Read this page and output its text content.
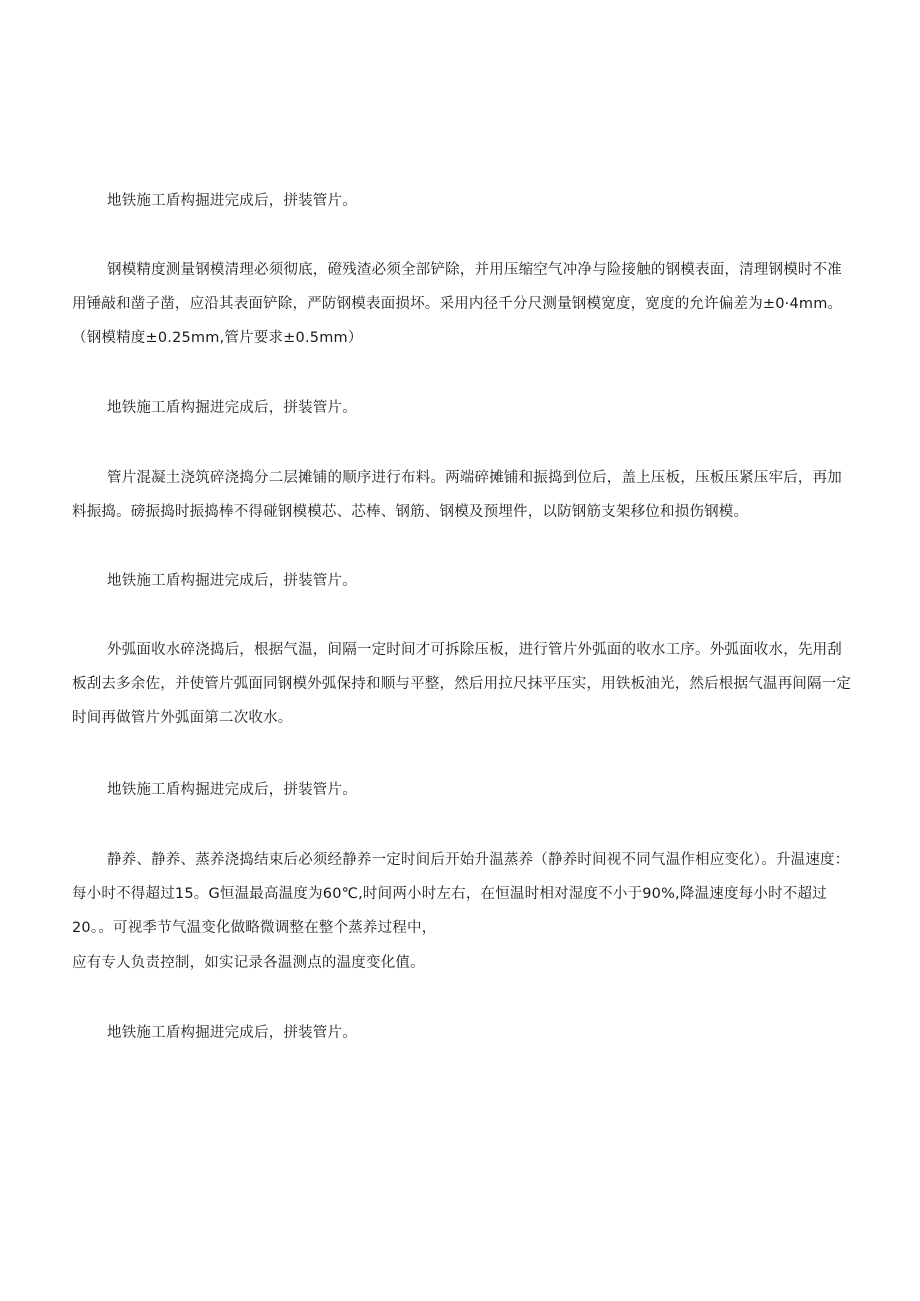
地铁施工盾构掘进完成后，拼装管片。

钢模精度测量钢模清理必须彻底，磴残渣必须全部铲除，并用压缩空气冲净与险接触的钢模表面，清理钢模时不准用锤敲和凿子凿，应沿其表面铲除，严防钢模表面损坏。采用内径千分尺测量钢模宽度，宽度的允许偏差为±0·4mm。（钢模精度±0.25mm,管片要求±0.5mm）

地铁施工盾构掘进完成后，拼装管片。

管片混凝土浇筑碎浇捣分二层摊铺的顺序进行布料。两端碎摊铺和振捣到位后，盖上压板，压板压紧压牢后，再加料振捣。磅振捣时振捣棒不得碰钢模模芯、芯棒、钢筋、钢模及预埋件，以防钢筋支架移位和损伤钢模。

地铁施工盾构掘进完成后，拼装管片。

外弧面收水碎浇捣后，根据气温，间隔一定时间才可拆除压板，进行管片外弧面的收水工序。外弧面收水，先用刮板刮去多余佐，并使管片弧面同钢模外弧保持和顺与平整，然后用拉尺抹平压实，用铁板油光，然后根据气温再间隔一定时间再做管片外弧面第二次收水。

地铁施工盾构掘进完成后，拼装管片。

静养、静养、蒸养浇捣结束后必须经静养一定时间后开始升温蒸养（静养时间视不同气温作相应变化）。升温速度：每小时不得超过15。G恒温最高温度为60℃,时间两小时左右，在恒温时相对湿度不小于90%,降温速度每小时不超过20。。可视季节气温变化做略微调整在整个蒸养过程中，

应有专人负责控制，如实记录各温测点的温度变化值。

地铁施工盾构掘进完成后，拼装管片。
